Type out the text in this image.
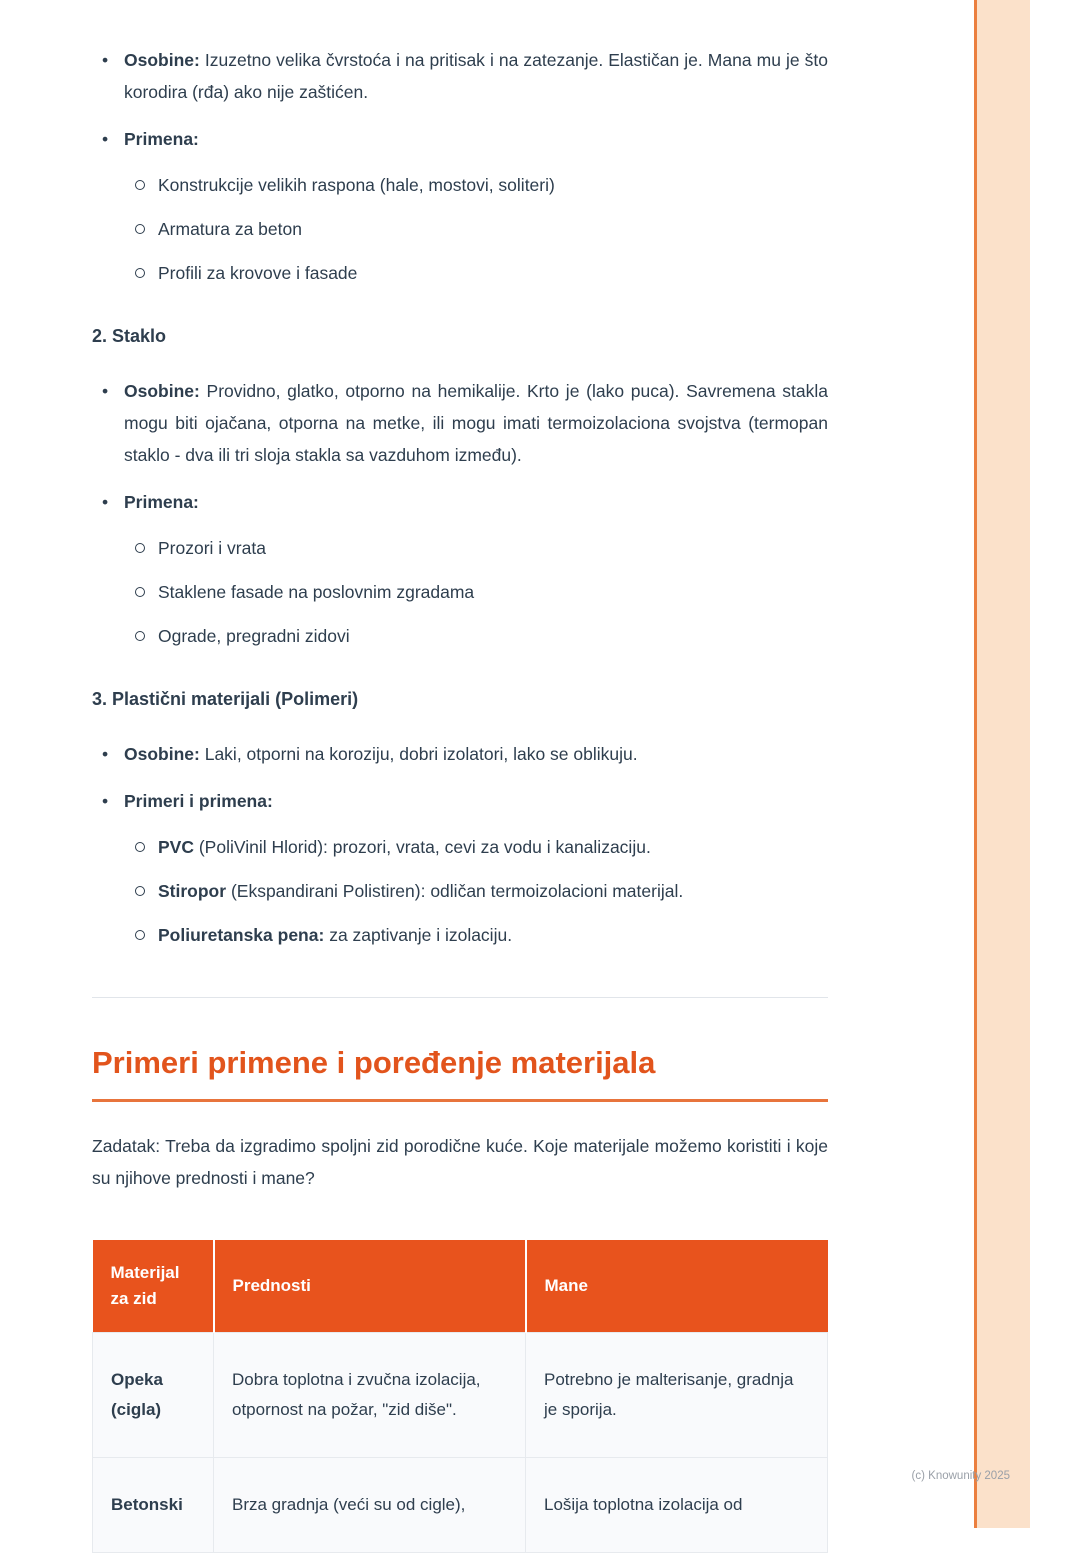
• Osobine: Izuzetno velika čvrstoća i na pritisak i na zatezanje. Elastičan je. Mana mu je što korodira (rđa) ako nije zaštićen.
• Primena:
Konstrukcije velikih raspona (hale, mostovi, soliteri)
Armatura za beton
Profili za krovove i fasade
2. Staklo
• Osobine: Providno, glatko, otporno na hemikalije. Krto je (lako puca). Savremena stakla mogu biti ojačana, otporna na metke, ili mogu imati termoizolaciona svojstva (termopan staklo - dva ili tri sloja stakla sa vazduhom između).
• Primena:
Prozori i vrata
Staklene fasade na poslovnim zgradama
Ograde, pregradni zidovi
3. Plastični materijali (Polimeri)
• Osobine: Laki, otporni na koroziju, dobri izolatori, lako se oblikuju.
• Primeri i primena:
PVC (PoliVinil Hlorid): prozori, vrata, cevi za vodu i kanalizaciju.
Stiropor (Ekspandirani Polistiren): odličan termoizolacioni materijal.
Poliuretanska pena: za zaptivanje i izolaciju.
Primeri primene i poređenje materijala

Zadatak: Treba da izgradimo spoljni zid porodične kuće. Koje materijale možemo koristiti i koje su njihove prednosti i mane?

Materijal za zid	Prednosti	Mane
Opeka (cigla)	Dobra toplotna i zvučna izolacija, otpornost na požar, "zid diše".	Potrebno je malterisanje, gradnja je sporija.
Betonski	Brza gradnja (veći su od cigle),	Lošija toplotna izolacija od
(c) Knowunity 2025
